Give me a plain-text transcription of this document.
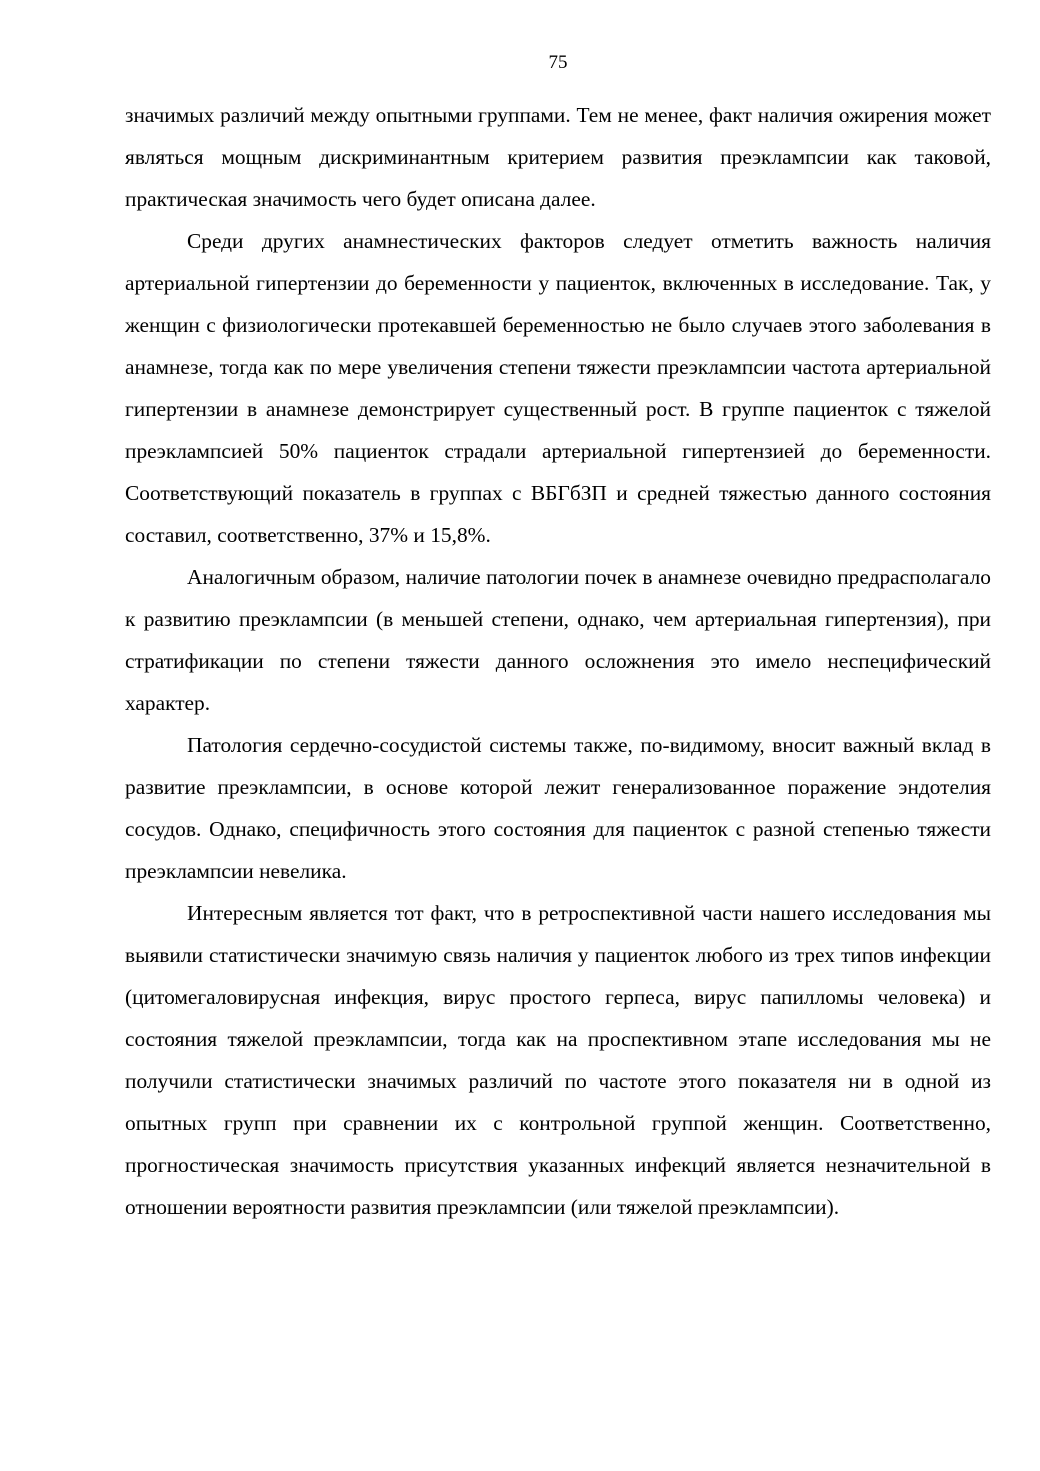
75

значимых различий между опытными группами. Тем не менее, факт наличия ожирения может являться мощным дискриминантным критерием развития преэклампсии как таковой, практическая значимость чего будет описана далее.

Среди других анамнестических факторов следует отметить важность наличия артериальной гипертензии до беременности у пациенток, включенных в исследование. Так, у женщин с физиологически протекавшей беременностью не было случаев этого заболевания в анамнезе, тогда как по мере увеличения степени тяжести преэклампсии частота артериальной гипертензии в анамнезе демонстрирует существенный рост. В группе пациенток с тяжелой преэклампсией 50% пациенток страдали артериальной гипертензией до беременности. Соответствующий показатель в группах с ВБГбЗП и средней тяжестью данного состояния составил, соответственно, 37% и 15,8%.

Аналогичным образом, наличие патологии почек в анамнезе очевидно предрасполагало к развитию преэклампсии (в меньшей степени, однако, чем артериальная гипертензия), при стратификации по степени тяжести данного осложнения это имело неспецифический характер.

Патология сердечно-сосудистой системы также, по-видимому, вносит важный вклад в развитие преэклампсии, в основе которой лежит генерализованное поражение эндотелия сосудов. Однако, специфичность этого состояния для пациенток с разной степенью тяжести преэклампсии невелика.

Интересным является тот факт, что в ретроспективной части нашего исследования мы выявили статистически значимую связь наличия у пациенток любого из трех типов инфекции (цитомегаловирусная инфекция, вирус простого герпеса, вирус папилломы человека) и состояния тяжелой преэклампсии, тогда как на проспективном этапе исследования мы не получили статистически значимых различий по частоте этого показателя ни в одной из опытных групп при сравнении их с контрольной группой женщин. Соответственно, прогностическая значимость присутствия указанных инфекций является незначительной в отношении вероятности развития преэклампсии (или тяжелой преэклампсии).
